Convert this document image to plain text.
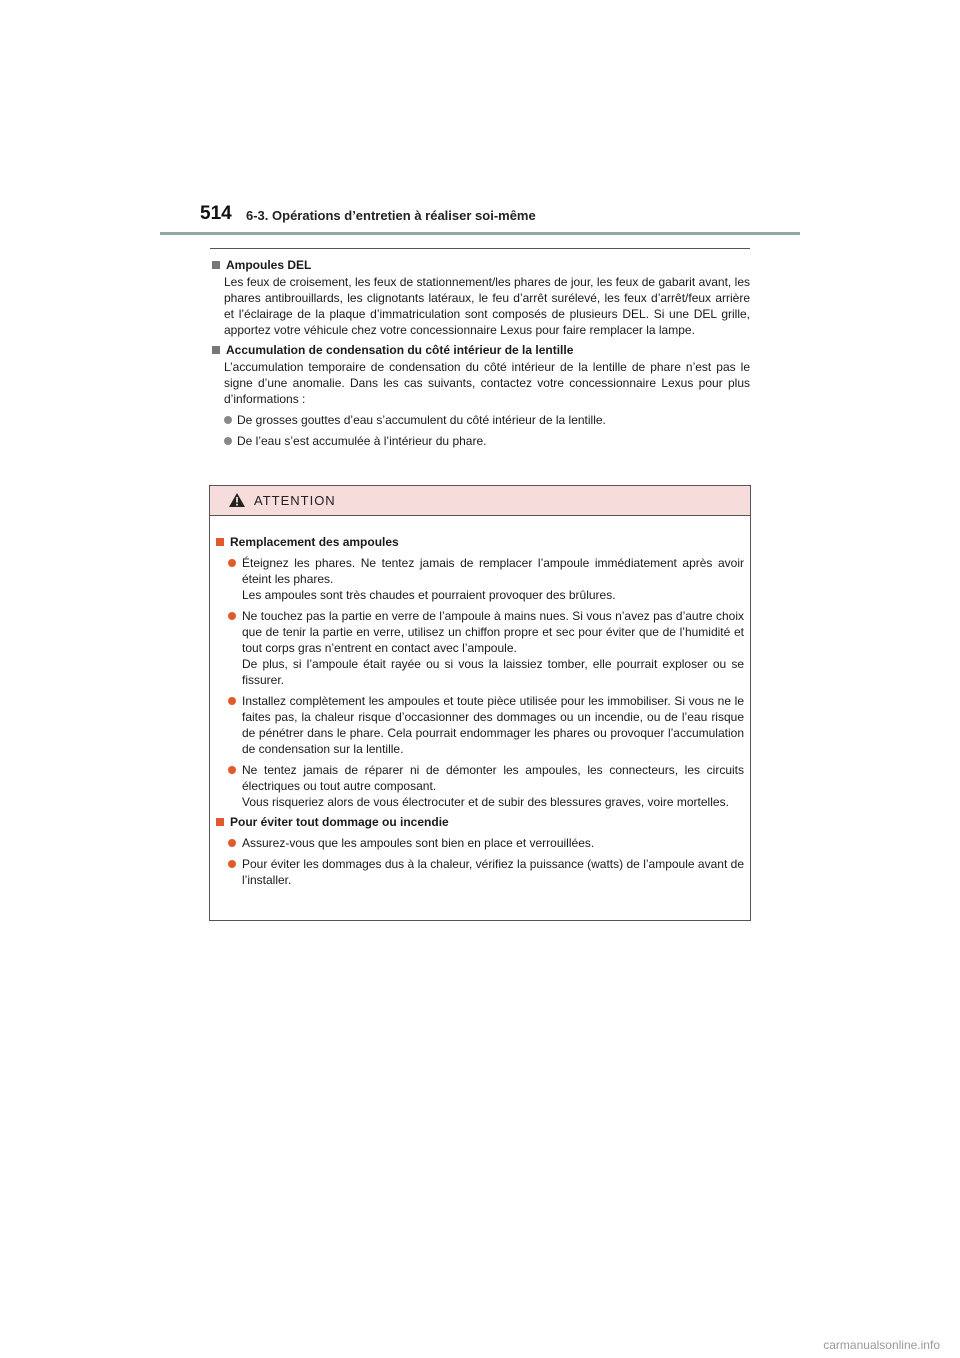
514 6-3. Opérations d’entretien à réaliser soi-même
Ampoules DEL
Les feux de croisement, les feux de stationnement/les phares de jour, les feux de gabarit avant, les phares antibrouillards, les clignotants latéraux, le feu d’arrêt surélevé, les feux d’arrêt/feux arrière et l’éclairage de la plaque d’immatriculation sont composés de plusieurs DEL. Si une DEL grille, apportez votre véhicule chez votre concessionnaire Lexus pour faire remplacer la lampe.
Accumulation de condensation du côté intérieur de la lentille
L’accumulation temporaire de condensation du côté intérieur de la lentille de phare n’est pas le signe d’une anomalie. Dans les cas suivants, contactez votre concessionnaire Lexus pour plus d’informations :
De grosses gouttes d’eau s’accumulent du côté intérieur de la lentille.
De l’eau s’est accumulée à l’intérieur du phare.
ATTENTION
Remplacement des ampoules
Éteignez les phares. Ne tentez jamais de remplacer l’ampoule immédiatement après avoir éteint les phares.
Les ampoules sont très chaudes et pourraient provoquer des brûlures.
Ne touchez pas la partie en verre de l’ampoule à mains nues. Si vous n’avez pas d’autre choix que de tenir la partie en verre, utilisez un chiffon propre et sec pour éviter que de l’humidité et tout corps gras n’entrent en contact avec l’ampoule.
De plus, si l’ampoule était rayée ou si vous la laissiez tomber, elle pourrait exploser ou se fissurer.
Installez complètement les ampoules et toute pièce utilisée pour les immobiliser. Si vous ne le faites pas, la chaleur risque d’occasionner des dommages ou un incendie, ou de l’eau risque de pénétrer dans le phare. Cela pourrait endommager les phares ou provoquer l’accumulation de condensation sur la lentille.
Ne tentez jamais de réparer ni de démonter les ampoules, les connecteurs, les circuits électriques ou tout autre composant.
Vous risqueriez alors de vous électrocuter et de subir des blessures graves, voire mortelles.
Pour éviter tout dommage ou incendie
Assurez-vous que les ampoules sont bien en place et verrouillées.
Pour éviter les dommages dus à la chaleur, vérifiez la puissance (watts) de l’ampoule avant de l’installer.
carmanualsonline.info
